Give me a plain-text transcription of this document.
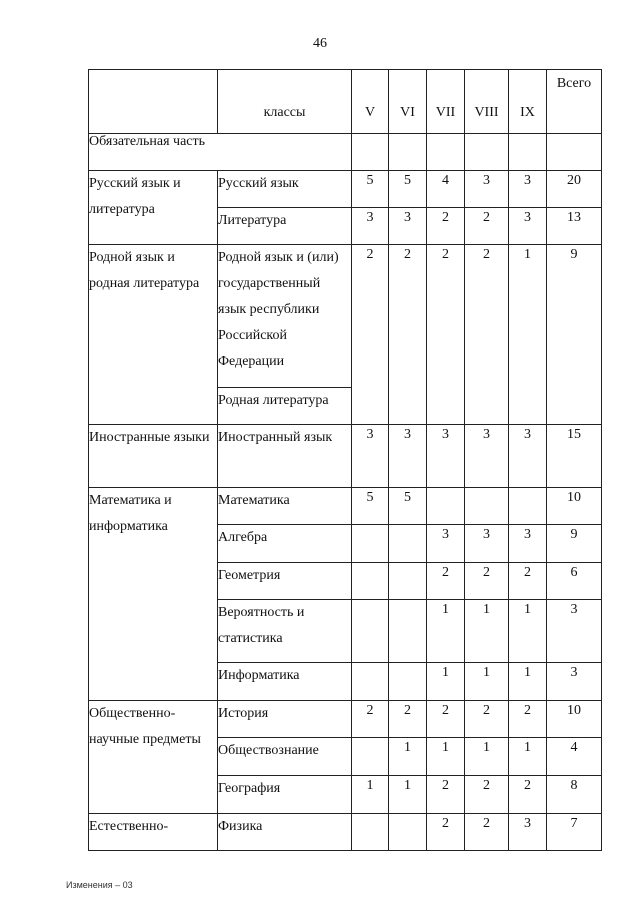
46
	классы	V	VI	VII	VIII	IX	Всего
Обязательная часть							
Русский язык и литература	Русский язык	5	5	4	3	3	20
	Литература	3	3	2	2	3	13
Родной язык и родная литература	Родной язык и (или) государственный язык республики Российской Федерации	2	2	2	2	1	9
	Родная литература						
Иностранные языки	Иностранный язык	3	3	3	3	3	15
Математика и информатика	Математика	5	5				10
	Алгебра			3	3	3	9
	Геометрия			2	2	2	6
	Вероятность и статистика			1	1	1	3
	Информатика			1	1	1	3
Общественно-научные предметы	История	2	2	2	2	2	10
	Обществознание		1	1	1	1	4
	География	1	1	2	2	2	8
Естественно-	Физика			2	2	3	7
Изменения – 03
